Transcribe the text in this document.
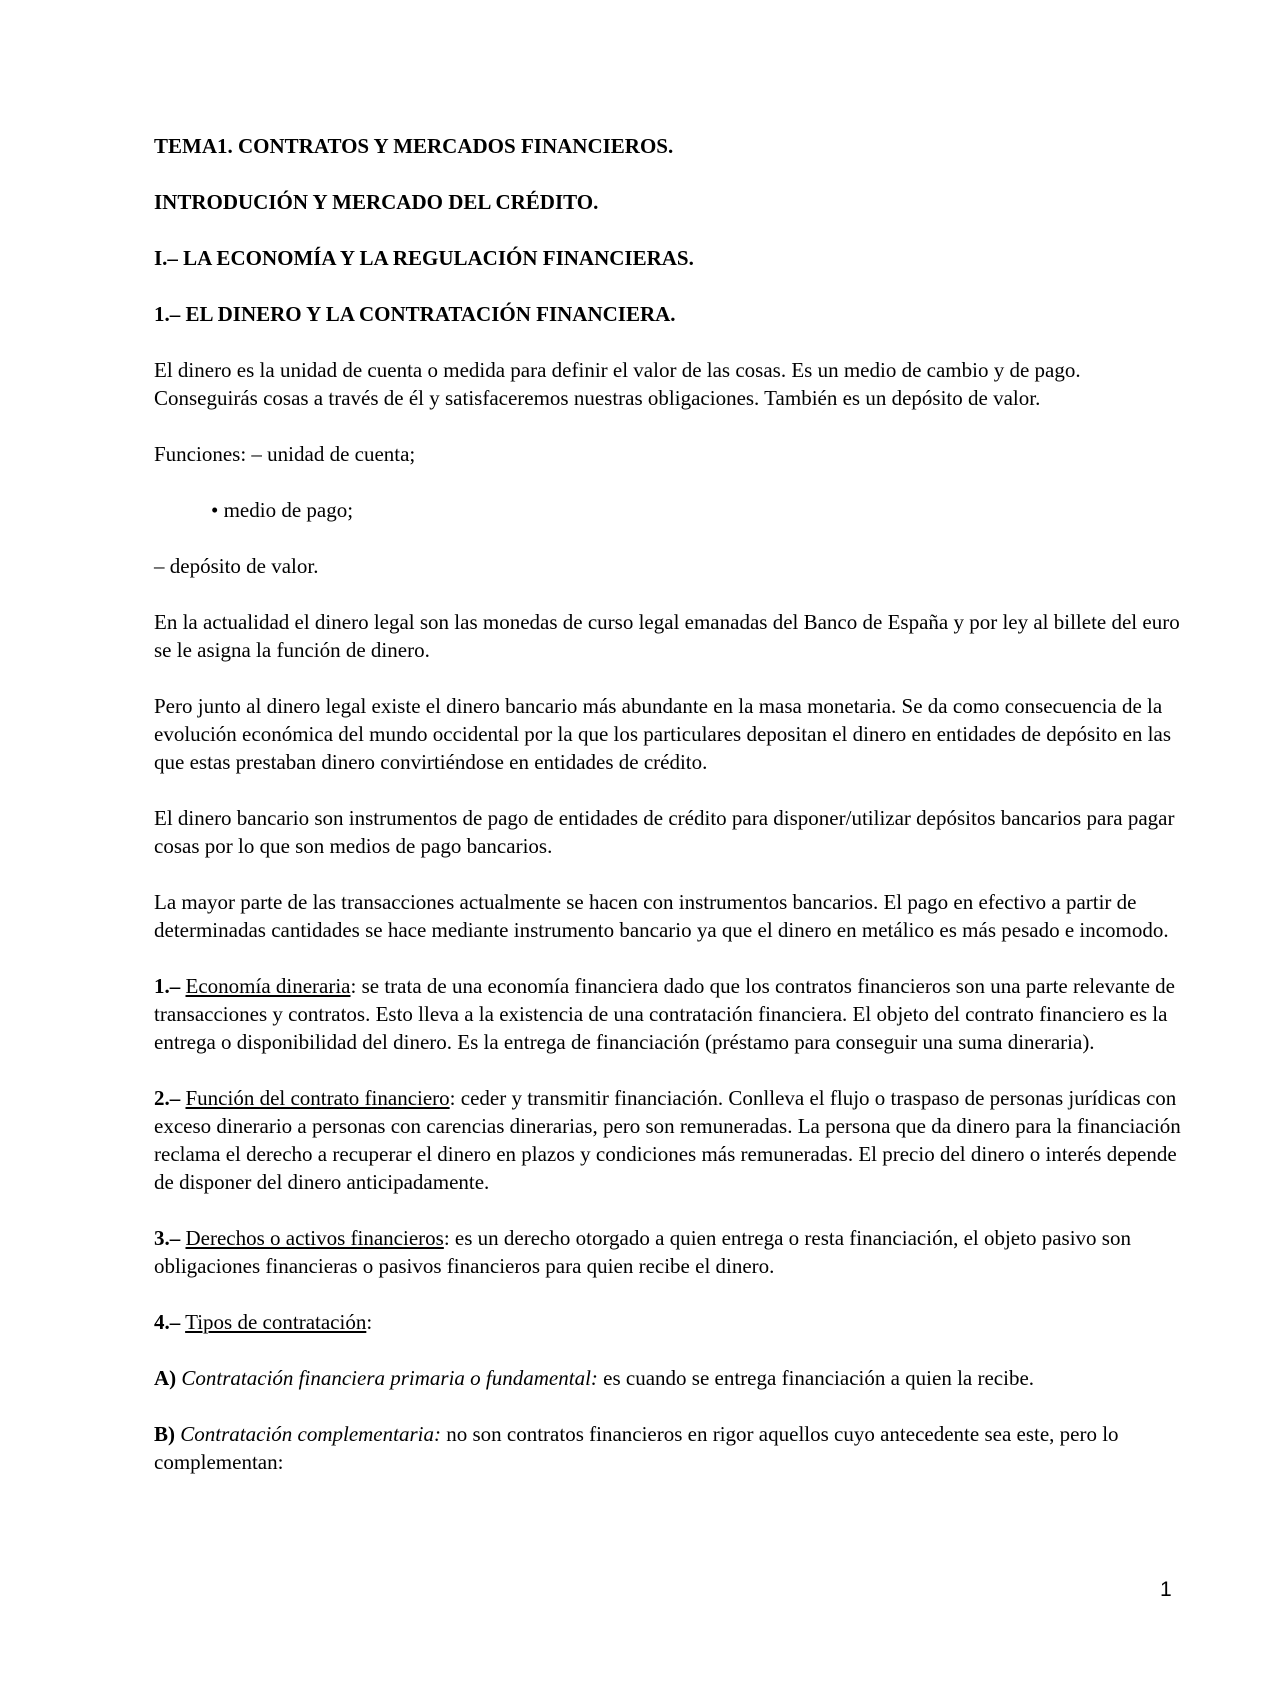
TEMA1. CONTRATOS Y MERCADOS FINANCIEROS.
INTRODUCIÓN Y MERCADO DEL CRÉDITO.
I.– LA ECONOMÍA Y LA REGULACIÓN FINANCIERAS.
1.– EL DINERO Y LA CONTRATACIÓN FINANCIERA.

El dinero es la unidad de cuenta o medida para definir el valor de las cosas. Es un medio de cambio y de pago. Conseguirás cosas a través de él y satisfaceremos nuestras obligaciones. También es un depósito de valor.

Funciones: – unidad de cuenta;

• medio de pago;

– depósito de valor.

En la actualidad el dinero legal son las monedas de curso legal emanadas del Banco de España y por ley al billete del euro se le asigna la función de dinero.

Pero junto al dinero legal existe el dinero bancario más abundante en la masa monetaria. Se da como consecuencia de la evolución económica del mundo occidental por la que los particulares depositan el dinero en entidades de depósito en las que estas prestaban dinero convirtiéndose en entidades de crédito.

El dinero bancario son instrumentos de pago de entidades de crédito para disponer/utilizar depósitos bancarios para pagar cosas por lo que son medios de pago bancarios.

La mayor parte de las transacciones actualmente se hacen con instrumentos bancarios. El pago en efectivo a partir de determinadas cantidades se hace mediante instrumento bancario ya que el dinero en metálico es más pesado e incomodo.

1.– Economía dineraria: se trata de una economía financiera dado que los contratos financieros son una parte relevante de transacciones y contratos. Esto lleva a la existencia de una contratación financiera. El objeto del contrato financiero es la entrega o disponibilidad del dinero. Es la entrega de financiación (préstamo para conseguir una suma dineraria).

2.– Función del contrato financiero: ceder y transmitir financiación. Conlleva el flujo o traspaso de personas jurídicas con exceso dinerario a personas con carencias dinerarias, pero son remuneradas. La persona que da dinero para la financiación reclama el derecho a recuperar el dinero en plazos y condiciones más remuneradas. El precio del dinero o interés depende de disponer del dinero anticipadamente.

3.– Derechos o activos financieros: es un derecho otorgado a quien entrega o resta financiación, el objeto pasivo son obligaciones financieras o pasivos financieros para quien recibe el dinero.

4.– Tipos de contratación:

A) Contratación financiera primaria o fundamental: es cuando se entrega financiación a quien la recibe.

B) Contratación complementaria: no son contratos financieros en rigor aquellos cuyo antecedente sea este, pero lo complementan:

1
